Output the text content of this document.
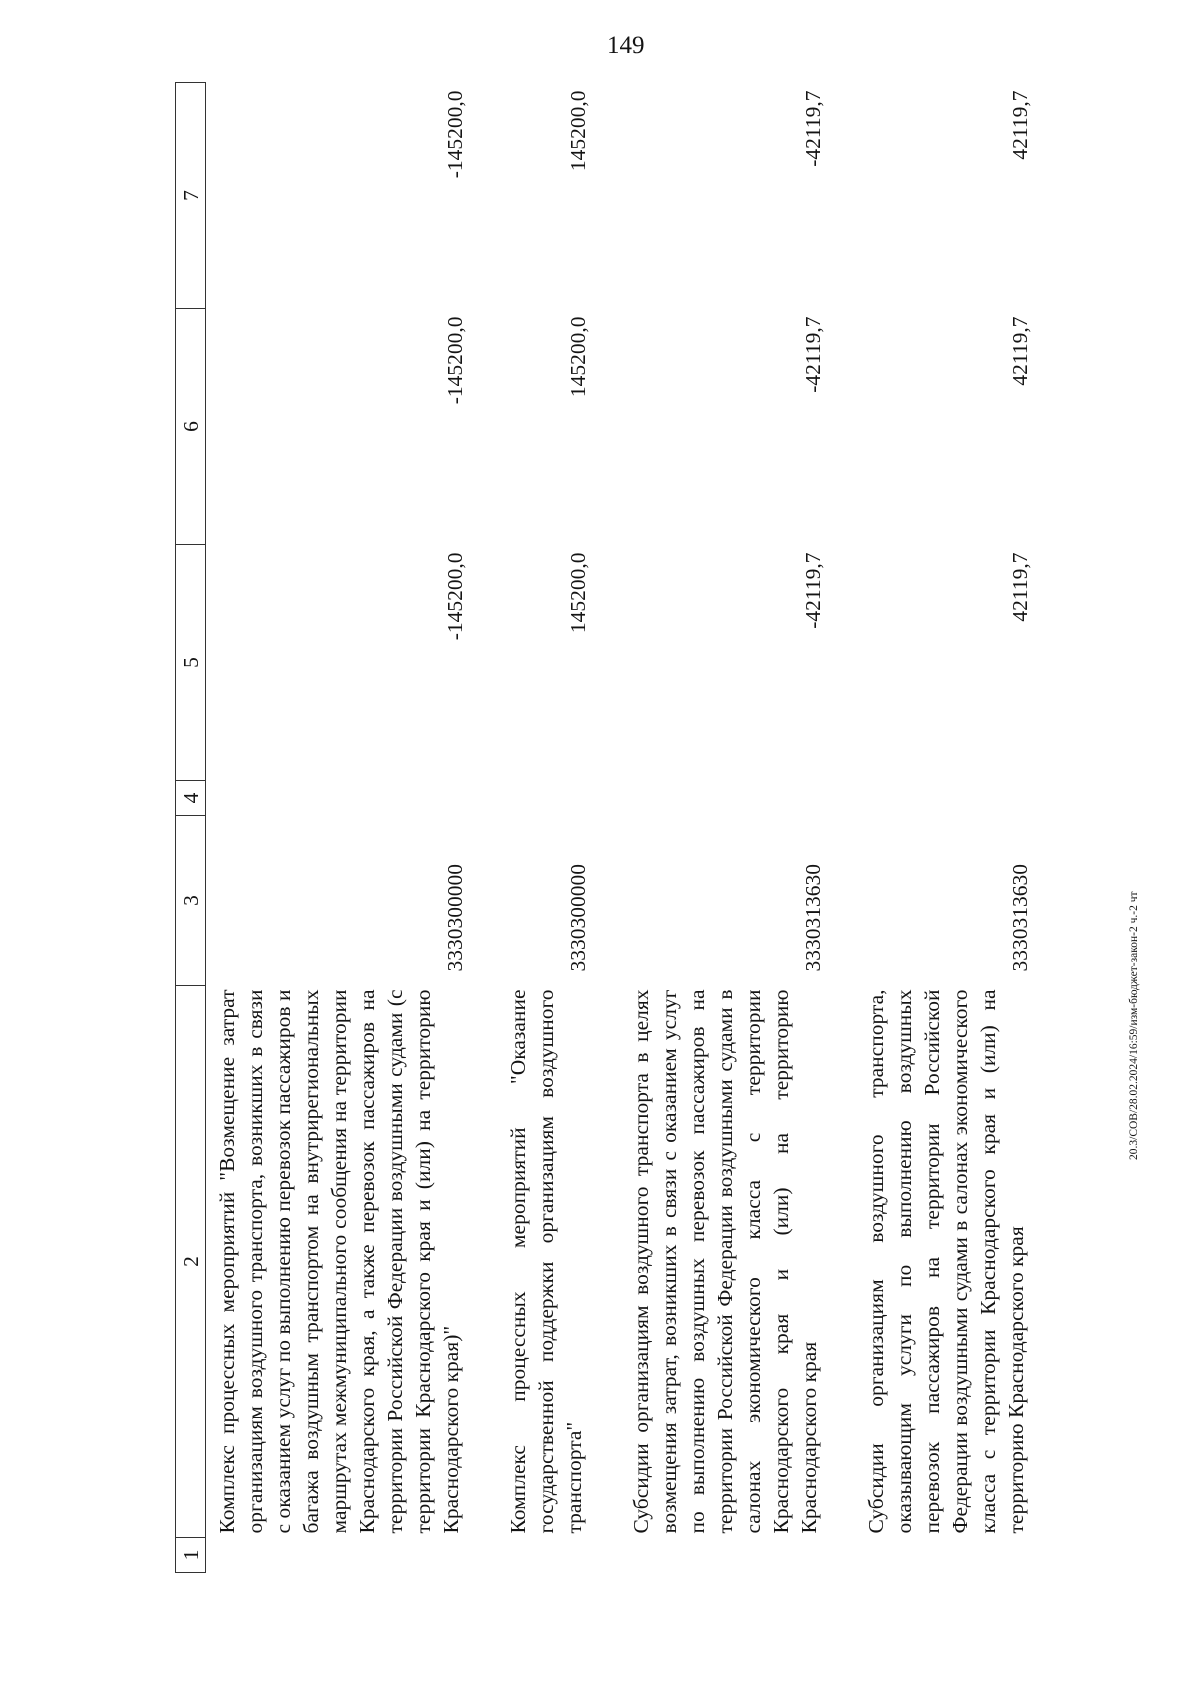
149
1	2	3	4	5	6	7
	Комплекс процессных мероприятий "Возмещение затрат организациям воздушного транспорта, возникших в связи с оказанием услуг по выполнению перевозок пассажиров и багажа воздушным транспортом на внутрирегиональных маршрутах межмуниципального сообщения на территории Краснодарского края, а также перевозок пассажиров на территории Российской Федерации воздушными судами (с территории Краснодарского края и (или) на территорию Краснодарского края)"	3330300000		-145200,0	-145200,0	-145200,0

	Комплекс процессных мероприятий "Оказание государственной поддержки организациям воздушного транспорта"	3330300000		145200,0	145200,0	145200,0

	Субсидии организациям воздушного транспорта в целях возмещения затрат, возникших в связи с оказанием услуг по выполнению воздушных перевозок пассажиров на территории Российской Федерации воздушными судами в салонах экономического класса с территории Краснодарского края и (или) на территорию Краснодарского края	3330313630		-42119,7	-42119,7	-42119,7

	Субсидии организациям воздушного транспорта, оказывающим услуги по выполнению воздушных перевозок пассажиров на территории Российской Федерации воздушными судами в салонах экономического класса с территории Краснодарского края и (или) на территорию Краснодарского края	3330313630		42119,7	42119,7	42119,7
20.3/СОВ/28.02.2024/16:59/изм-бюджет-закон-2 ч.-2 чт
